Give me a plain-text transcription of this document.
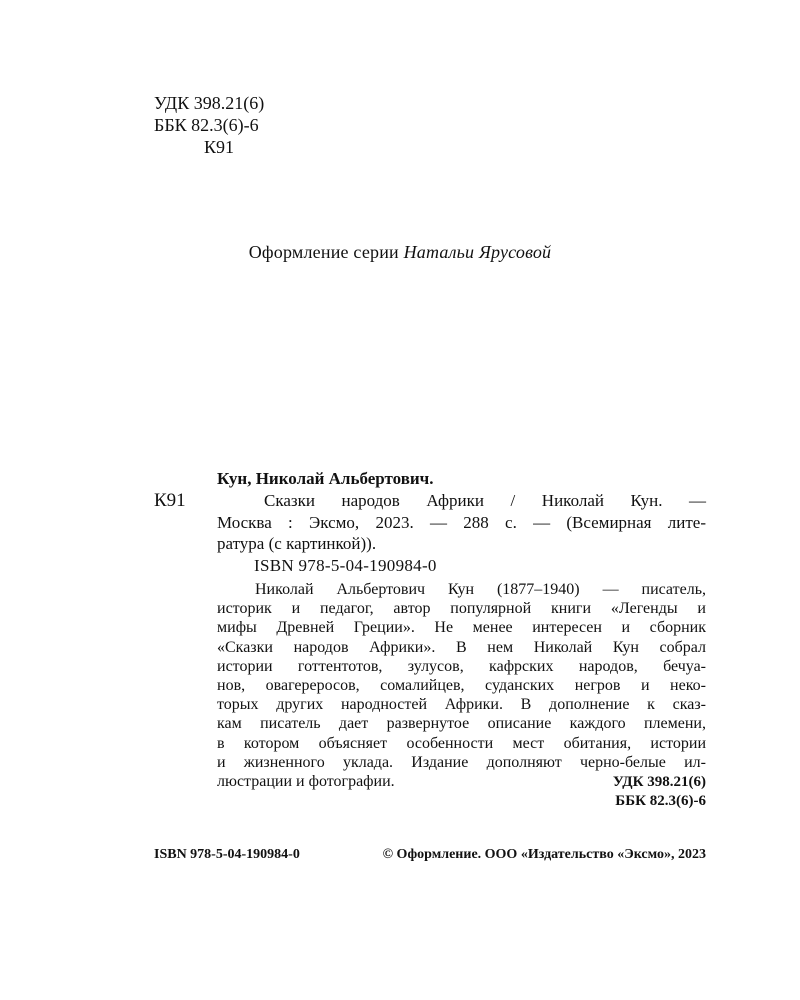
УДК 398.21(6)
ББК 82.3(6)-6
К91
Оформление серии Натальи Ярусовой
Кун, Николай Альбертович.
К91	Сказки народов Африки / Николай Кун. —
Москва : Эксмо, 2023. — 288 с. — (Всемирная лите-
ратура (с картинкой)).
ISBN 978-5-04-190984-0
Николай Альбертович Кун (1877–1940) — писатель,
историк и педагог, автор популярной книги «Легенды и
мифы Древней Греции». Не менее интересен и сборник
«Сказки народов Африки». В нем Николай Кун собрал
истории готтентотов, зулусов, кафрских народов, бечуа-
нов, овагереросов, сомалийцев, суданских негров и неко-
торых других народностей Африки. В дополнение к сказ-
кам писатель дает развернутое описание каждого племени,
в котором объясняет особенности мест обитания, истории
и жизненного уклада. Издание дополняют черно-белые ил-
люстрации и фотографии.	УДК 398.21(6)
ББК 82.3(6)-6
ISBN 978-5-04-190984-0	© Оформление. ООО «Издательство «Эксмо», 2023
